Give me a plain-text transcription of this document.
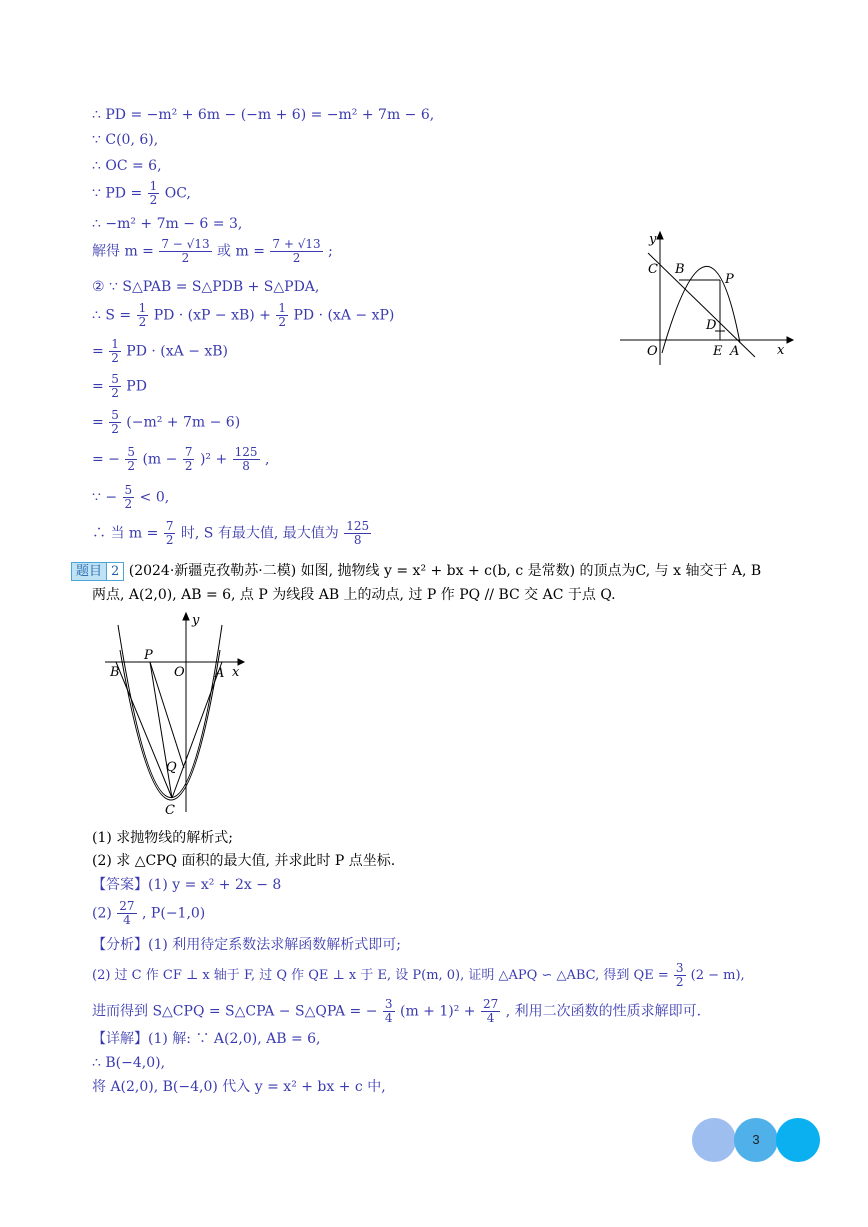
∴ PD = −m² + 6m − (−m + 6) = −m² + 7m − 6,
∵ C(0, 6),
∴ OC = 6,
∵ PD = $\frac{1}{2}$ OC,
∴ −m² + 7m − 6 = 3,
解得 $m = \frac{7 - √13}{2}$ 或 $m = \frac{7 + √13}{2}$ ;
② ∵ S△PAB = S△PDB + S△PDA,
∴ $S = \frac{1}{2}$ PD · $(xP - xB) + \frac{1}{2}$ PD · (xA − xP)
= $\frac{1}{2}$ PD · (xA − xB)
= $\frac{5}{2}$ PD
= $\frac{5}{2} (-m^2 + 7m - 6)$
= − $\frac{5}{2} (m - \frac{7}{2} )^2 + \frac{125}{8}$ ,
∵ − $\frac{5}{2} < 0$,
∴ 当 $m = \frac{7}{2}$ 时, S 有最大值, 最大值为 $\frac{125}{8}$
y
C B
P
D
O	E A	x
题目 2 (2024·新疆克孜勒苏·二模) 如图, 抛物线 y = x² + bx + c(b, c 是常数) 的顶点为C, 与 x 轴交于 A, B
两点, A(2,0), AB = 6, 点 P 为线段 AB 上的动点, 过 P 作 PQ // BC 交 AC 于点 Q.
y
B
P
O A x
Q
C
(1) 求抛物线的解析式;
(2) 求 △CPQ 面积的最大值, 并求此时 P 点坐标.
【答案】(1) y = x² + 2x − 8
$(2) \frac{27}{4}$ , P(−1,0)
【分析】(1) 利用待定系数法求解函数解析式即可;
(2) 过 C 作 CF ⊥ x 轴于 F, 过 Q 作 QE ⊥ x 于 E, 设 P(m, 0), 证明 △APQ ∽ △ABC, 得到 QE = $\frac{3}{2} (2 - m)$,
进而得到 S△CPQ = S△CPA − S△QPA = − $\frac{3}{4} (m + 1)^2 + \frac{27}{4}$ , 利用二次函数的性质求解即可.
【详解】(1) 解: ∵ A(2,0), AB = 6,
∴ B(−4,0),
将 A(2,0), B(−4,0) 代入 y = x² + bx + c 中,
3
